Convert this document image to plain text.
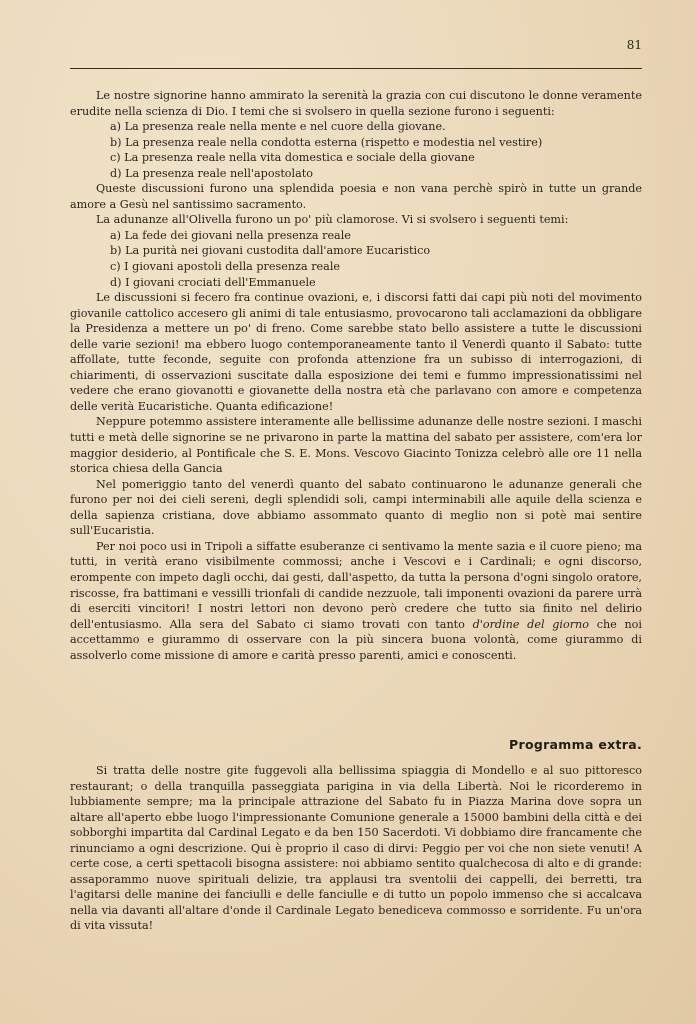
81

Le nostre signorine hanno ammirato la serenità la grazia con cui discutono le donne veramente erudite nella scienza di Dio. I temi che si svolsero in quella sezione furono i seguenti:

a) La presenza reale nella mente e nel cuore della giovane.

b) La presenza reale nella condotta esterna (rispetto e modestia nel vestire)

c) La presenza reale nella vita domestica e sociale della giovane

d) La presenza reale nell'apostolato

Queste discussioni furono una splendida poesia e non vana perchè spirò in tutte un grande amore a Gesù nel santissimo sacramento.

La adunanze all'Olivella furono un po' più clamorose. Vi si svolsero i seguenti temi:

a) La fede dei giovani nella presenza reale

b) La purità nei giovani custodita dall'amore Eucaristico

c) I giovani apostoli della presenza reale

d) I giovani crociati dell'Emmanuele

Le discussioni si fecero fra continue ovazioni, e, i discorsi fatti dai capi più noti del movimento giovanile cattolico accesero gli animi di tale entusiasmo, provocarono tali acclamazioni da obbligare la Presidenza a mettere un po' di freno. Come sarebbe stato bello assistere a tutte le discussioni delle varie sezioni! ma ebbero luogo contemporaneamente tanto il Venerdì quanto il Sabato: tutte affollate, tutte feconde, seguite con profonda attenzione fra un subisso di interrogazioni, di chiarimenti, di osservazioni suscitate dalla esposizione dei temi e fummo impressionatissimi nel vedere che erano giovanotti e giovanette della nostra età che parlavano con amore e competenza delle verità Eucaristiche. Quanta edificazione!

Neppure potemmo assistere interamente alle bellissime adunanze delle nostre sezioni. I maschi tutti e metà delle signorine se ne privarono in parte la mattina del sabato per assistere, com'era lor maggior desiderio, al Pontificale che S. E. Mons. Vescovo Giacinto Tonizza celebrò alle ore 11 nella storica chiesa della Gancia

Nel pomeriggio tanto del venerdì quanto del sabato continuarono le adunanze generali che furono per noi dei cieli sereni, degli splendidi soli, campi interminabili alle aquile della scienza e della sapienza cristiana, dove abbiamo assommato quanto di meglio non si potè mai sentire sull'Eucaristia.

Per noi poco usi in Tripoli a siffatte esuberanze ci sentivamo la mente sazia e il cuore pieno; ma tutti, in verità erano visibilmente commossi; anche i Vescovi e i Cardinali; e ogni discorso, erompente con impeto dagli occhi, dai gesti, dall'aspetto, da tutta la persona d'ogni singolo oratore, riscosse, fra battimani e vessilli trionfali di candide nezzuole, tali imponenti ovazioni da parere urrà di eserciti vincitori! I nostri lettori non devono però credere che tutto sia finito nel delirio dell'entusiasmo. Alla sera del Sabato ci siamo trovati con tanto d'ordine del giorno che noi accettammo e giurammo di osservare con la più sincera buona volontà, come giurammo di assolverlo come missione di amore e carità presso parenti, amici e conoscenti.

Programma extra.

Si tratta delle nostre gite fuggevoli alla bellissima spiaggia di Mondello e al suo pittoresco restaurant; o della tranquilla passeggiata parigina in via della Libertà. Noi le ricorderemo in lubbiamente sempre; ma la principale attrazione del Sabato fu in Piazza Marina dove sopra un altare all'aperto ebbe luogo l'impressionante Comunione generale a 15000 bambini della città e dei sobborghi impartita dal Cardinal Legato e da ben 150 Sacerdoti. Vi dobbiamo dire francamente che rinunciamo a ogni descrizione. Qui è proprio il caso di dirvi: Peggio per voi che non siete venuti! A certe cose, a certi spettacoli bisogna assistere: noi abbiamo sentito qualchecosa di alto e di grande: assaporammo nuove spirituali delizie, tra applausi tra sventolii dei cappelli, dei berretti, tra l'agitarsi delle manine dei fanciulli e delle fanciulle e di tutto un popolo immenso che si accalcava nella via davanti all'altare d'onde il Cardinale Legato benediceva commosso e sorridente. Fu un'ora di vita vissuta!
